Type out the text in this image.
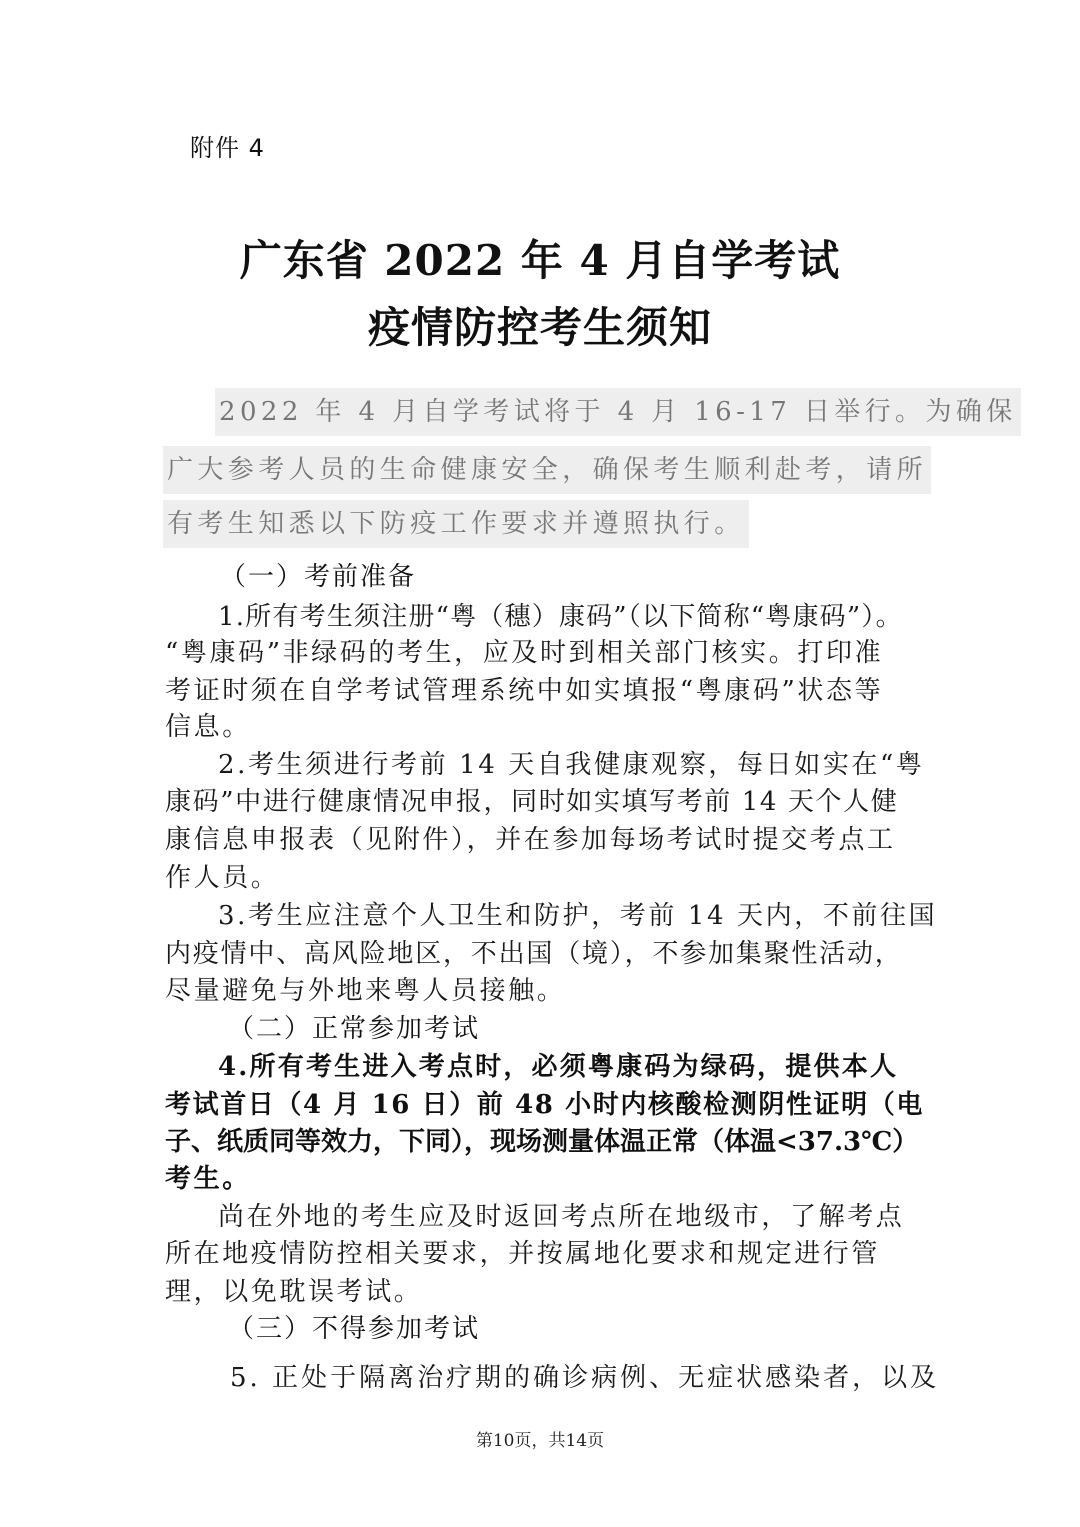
附件 4
广东省 2022 年 4 月自学考试
疫情防控考生须知
2022 年 4 月自学考试将于 4 月 16-17 日举行。为确保
广大参考人员的生命健康安全，确保考生顺利赴考，请所
有考生知悉以下防疫工作要求并遵照执行。
（一）考前准备
1.所有考生须注册“粤（穗）康码”（以下简称“粤康码”）。
“粤康码”非绿码的考生，应及时到相关部门核实。打印准
考证时须在自学考试管理系统中如实填报“粤康码”状态等
信息。
2.考生须进行考前 14 天自我健康观察，每日如实在“粤
康码”中进行健康情况申报，同时如实填写考前 14 天个人健
康信息申报表（见附件），并在参加每场考试时提交考点工
作人员。
3.考生应注意个人卫生和防护，考前 14 天内，不前往国
内疫情中、高风险地区，不出国（境），不参加集聚性活动，
尽量避免与外地来粤人员接触。
（二）正常参加考试
4.所有考生进入考点时，必须粤康码为绿码，提供本人
考试首日（4 月 16 日）前 48 小时内核酸检测阴性证明（电
子、纸质同等效力，下同），现场测量体温正常（体温<37.3℃）
考生。
尚在外地的考生应及时返回考点所在地级市，了解考点
所在地疫情防控相关要求，并按属地化要求和规定进行管
理，以免耽误考试。
（三）不得参加考试
5. 正处于隔离治疗期的确诊病例、无症状感染者，以及
第10页，共14页
